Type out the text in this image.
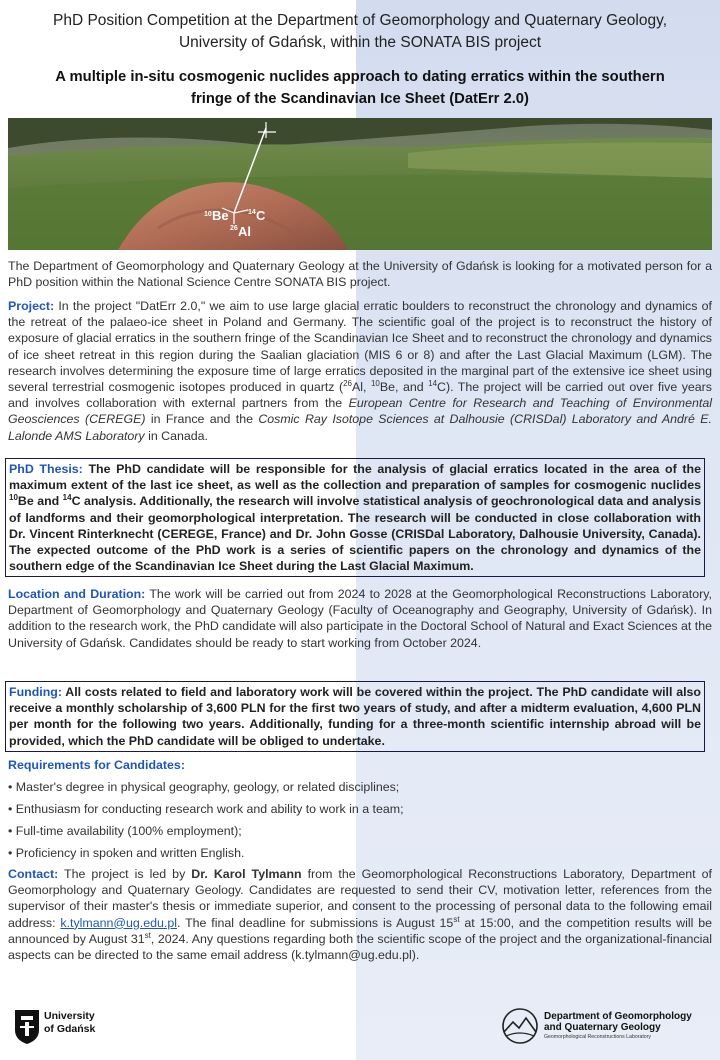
PhD Position Competition at the Department of Geomorphology and Quaternary Geology,
University of Gdańsk, within the SONATA BIS project
A multiple in-situ cosmogenic nuclides approach to dating erratics within the southern
fringe of the Scandinavian Ice Sheet (DatErr 2.0)
10 Be	14 C
26 Al
The Department of Geomorphology and Quaternary Geology at the University of Gdańsk is looking for a motivated person for a PhD position within the National Science Centre SONATA BIS project.
Project: In the project "DatErr 2.0," we aim to use large glacial erratic boulders to reconstruct the chronology and dynamics of the retreat of the palaeo-ice sheet in Poland and Germany. The scientific goal of the project is to reconstruct the history of exposure of glacial erratics in the southern fringe of the Scandinavian Ice Sheet and to reconstruct the chronology and dynamics of ice sheet retreat in this region during the Saalian glaciation (MIS 6 or 8) and after the Last Glacial Maximum (LGM). The research involves determining the exposure time of large erratics deposited in the marginal part of the extensive ice sheet using several terrestrial cosmogenic isotopes produced in quartz ($^{26}$Al, $^{10}$Be, and $^{14}$C). The project will be carried out over five years and involves collaboration with external partners from the European Centre for Research and Teaching of Environmental Geosciences (CEREGE) in France and the Cosmic Ray Isotope Sciences at Dalhousie (CRISDal) Laboratory and André E. Lalonde AMS Laboratory in Canada.
PhD Thesis: The PhD candidate will be responsible for the analysis of glacial erratics located in the area of the maximum extent of the last ice sheet, as well as the collection and preparation of samples for cosmogenic nuclides $^{10}$Be and $^{14}$C analysis. Additionally, the research will involve statistical analysis of geochronological data and analysis of landforms and their geomorphological interpretation. The research will be conducted in close collaboration with Dr. Vincent Rinterknecht (CEREGE, France) and Dr. John Gosse (CRISDal Laboratory, Dalhousie University, Canada). The expected outcome of the PhD work is a series of scientific papers on the chronology and dynamics of the southern edge of the Scandinavian Ice Sheet during the Last Glacial Maximum.
Location and Duration: The work will be carried out from 2024 to 2028 at the Geomorphological Reconstructions Laboratory, Department of Geomorphology and Quaternary Geology (Faculty of Oceanography and Geography, University of Gdańsk). In addition to the research work, the PhD candidate will also participate in the Doctoral School of Natural and Exact Sciences at the University of Gdańsk. Candidates should be ready to start working from October 2024.
Funding: All costs related to field and laboratory work will be covered within the project. The PhD candidate will also receive a monthly scholarship of 3,600 PLN for the first two years of study, and after a midterm evaluation, 4,600 PLN per month for the following two years. Additionally, funding for a three-month scientific internship abroad will be provided, which the PhD candidate will be obliged to undertake.
Requirements for Candidates:
• Master's degree in physical geography, geology, or related disciplines;
• Enthusiasm for conducting research work and ability to work in a team;
• Full-time availability (100% employment);
• Proficiency in spoken and written English.
Contact: The project is led by Dr. Karol Tylmann from the Geomorphological Reconstructions Laboratory, Department of Geomorphology and Quaternary Geology. Candidates are requested to send their CV, motivation letter, references from the supervisor of their master's thesis or immediate superior, and consent to the processing of personal data to the following email address: k.tylmann@ug.edu.pl. The final deadline for submissions is August 15st at 15:00, and the competition results will be announced by August 31st, 2024. Any questions regarding both the scientific scope of the project and the organizational-financial aspects can be directed to the same email address (k.tylmann@ug.edu.pl).
University
of Gdańsk
Department of Geomorphology
and Quaternary Geology
Geomorphological Reconstructions Laboratory
